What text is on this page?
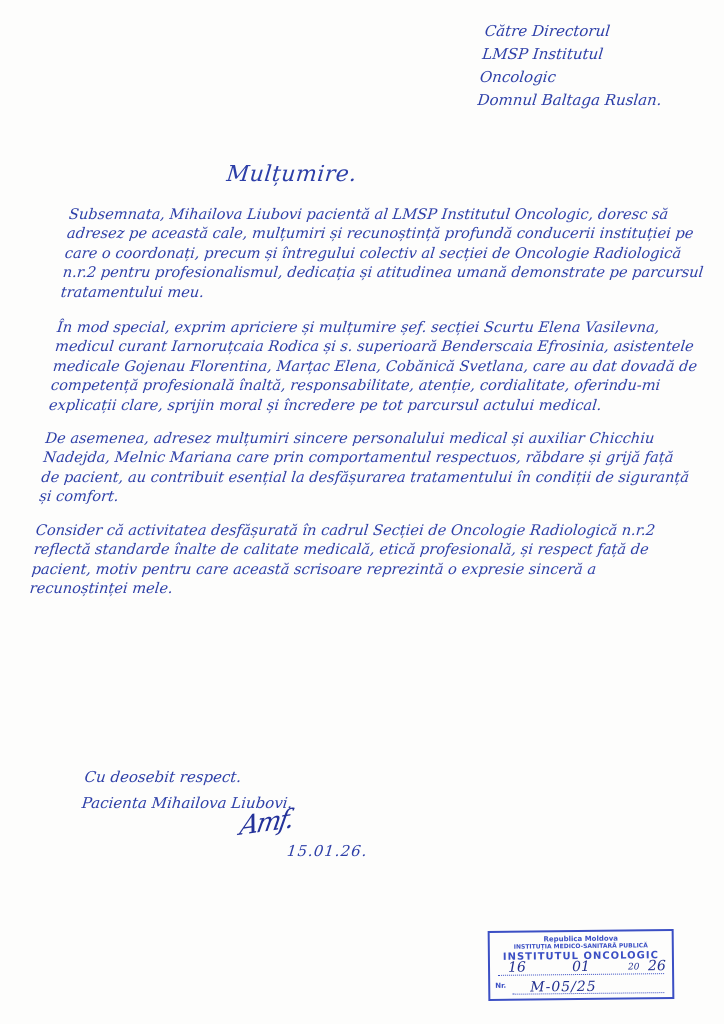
Către Directorul
LMSP Institutul
Oncologic
Domnul Baltaga Ruslan.
Mulțumire.

Subsemnata, Mihailova Liubovi pacientă al LMSP Institutul Oncologic, doresc să adresez pe această cale, mulțumiri și recunoștință profundă conducerii instituției pe care o coordonați, precum și întregului colectiv al secției de Oncologie Radiologică n.r.2 pentru profesionalismul, dedicația și atitudinea umană demonstrate pe parcursul tratamentului meu.

În mod special, exprim apriciere și mulțumire șef. secției Scurtu Elena Vasilevna, medicul curant Iarnoruțcaia Rodica și s. superioară Benderscaia Efrosinia, asistentele medicale Gojenau Florentina, Marțac Elena, Cobănică Svetlana, care au dat dovadă de competență profesională înaltă, responsabilitate, atenție, cordialitate, oferindu-mi explicații clare, sprijin moral și încredere pe tot parcursul actului medical.

De asemenea, adresez mulțumiri sincere personalului medical și auxiliar Chicchiu Nadejda, Melnic Mariana care prin comportamentul respectuos, răbdare și grijă față de pacient, au contribuit esențial la desfășurarea tratamentului în condiții de siguranță și comfort.

Consider că activitatea desfășurată în cadrul Secției de Oncologie Radiologică n.r.2 reflectă standarde înalte de calitate medicală, etică profesională, și respect față de pacient, motiv pentru care această scrisoare reprezintă o expresie sinceră a recunoștinței mele.

Cu deosebit respect.
Pacienta Mihailova Liubovi.
Amf.
15.01.26.
Republica Moldova
INSTITUȚIA MEDICO-SANITARĂ PUBLICĂ
INSTITUTUL ONCOLOGIC
16	01	20 26
Nr. M-05/25
